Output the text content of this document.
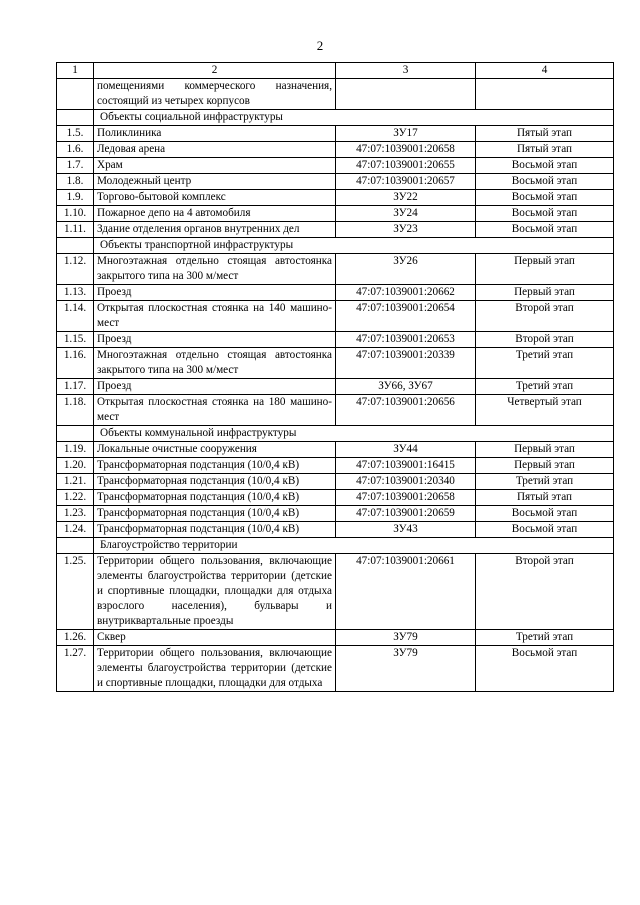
2
1	2	3	4
	помещениями коммерческого назначения, состоящий из четырех корпусов		
	Объекты социальной инфраструктуры		
1.5.	Поликлиника	ЗУ17	Пятый этап
1.6.	Ледовая арена	47:07:1039001:20658	Пятый этап
1.7.	Храм	47:07:1039001:20655	Восьмой этап
1.8.	Молодежный центр	47:07:1039001:20657	Восьмой этап
1.9.	Торгово-бытовой комплекс	ЗУ22	Восьмой этап
1.10.	Пожарное депо на 4 автомобиля	ЗУ24	Восьмой этап
1.11.	Здание отделения органов внутренних дел	ЗУ23	Восьмой этап
	Объекты транспортной инфраструктуры		
1.12.	Многоэтажная отдельно стоящая автостоянка закрытого типа на 300 м/мест	ЗУ26	Первый этап
1.13.	Проезд	47:07:1039001:20662	Первый этап
1.14.	Открытая плоскостная стоянка на 140 машино-мест	47:07:1039001:20654	Второй этап
1.15.	Проезд	47:07:1039001:20653	Второй этап
1.16.	Многоэтажная отдельно стоящая автостоянка закрытого типа на 300 м/мест	47:07:1039001:20339	Третий этап
1.17.	Проезд	ЗУ66, ЗУ67	Третий этап
1.18.	Открытая плоскостная стоянка на 180 машино-мест	47:07:1039001:20656	Четвертый этап
	Объекты коммунальной инфраструктуры		
1.19.	Локальные очистные сооружения	ЗУ44	Первый этап
1.20.	Трансформаторная подстанция (10/0,4 кВ)	47:07:1039001:16415	Первый этап
1.21.	Трансформаторная подстанция (10/0,4 кВ)	47:07:1039001:20340	Третий этап
1.22.	Трансформаторная подстанция (10/0,4 кВ)	47:07:1039001:20658	Пятый этап
1.23.	Трансформаторная подстанция (10/0,4 кВ)	47:07:1039001:20659	Восьмой этап
1.24.	Трансформаторная подстанция (10/0,4 кВ)	ЗУ43	Восьмой этап
	Благоустройство территории		
1.25.	Территории общего пользования, включающие элементы благоустройства территории (детские и спортивные площадки, площадки для отдыха взрослого населения), бульвары и внутриквартальные проезды	47:07:1039001:20661	Второй этап
1.26.	Сквер	ЗУ79	Третий этап
1.27.	Территории общего пользования, включающие элементы благоустройства территории (детские и спортивные площадки, площадки для отдыха	ЗУ79	Восьмой этап
